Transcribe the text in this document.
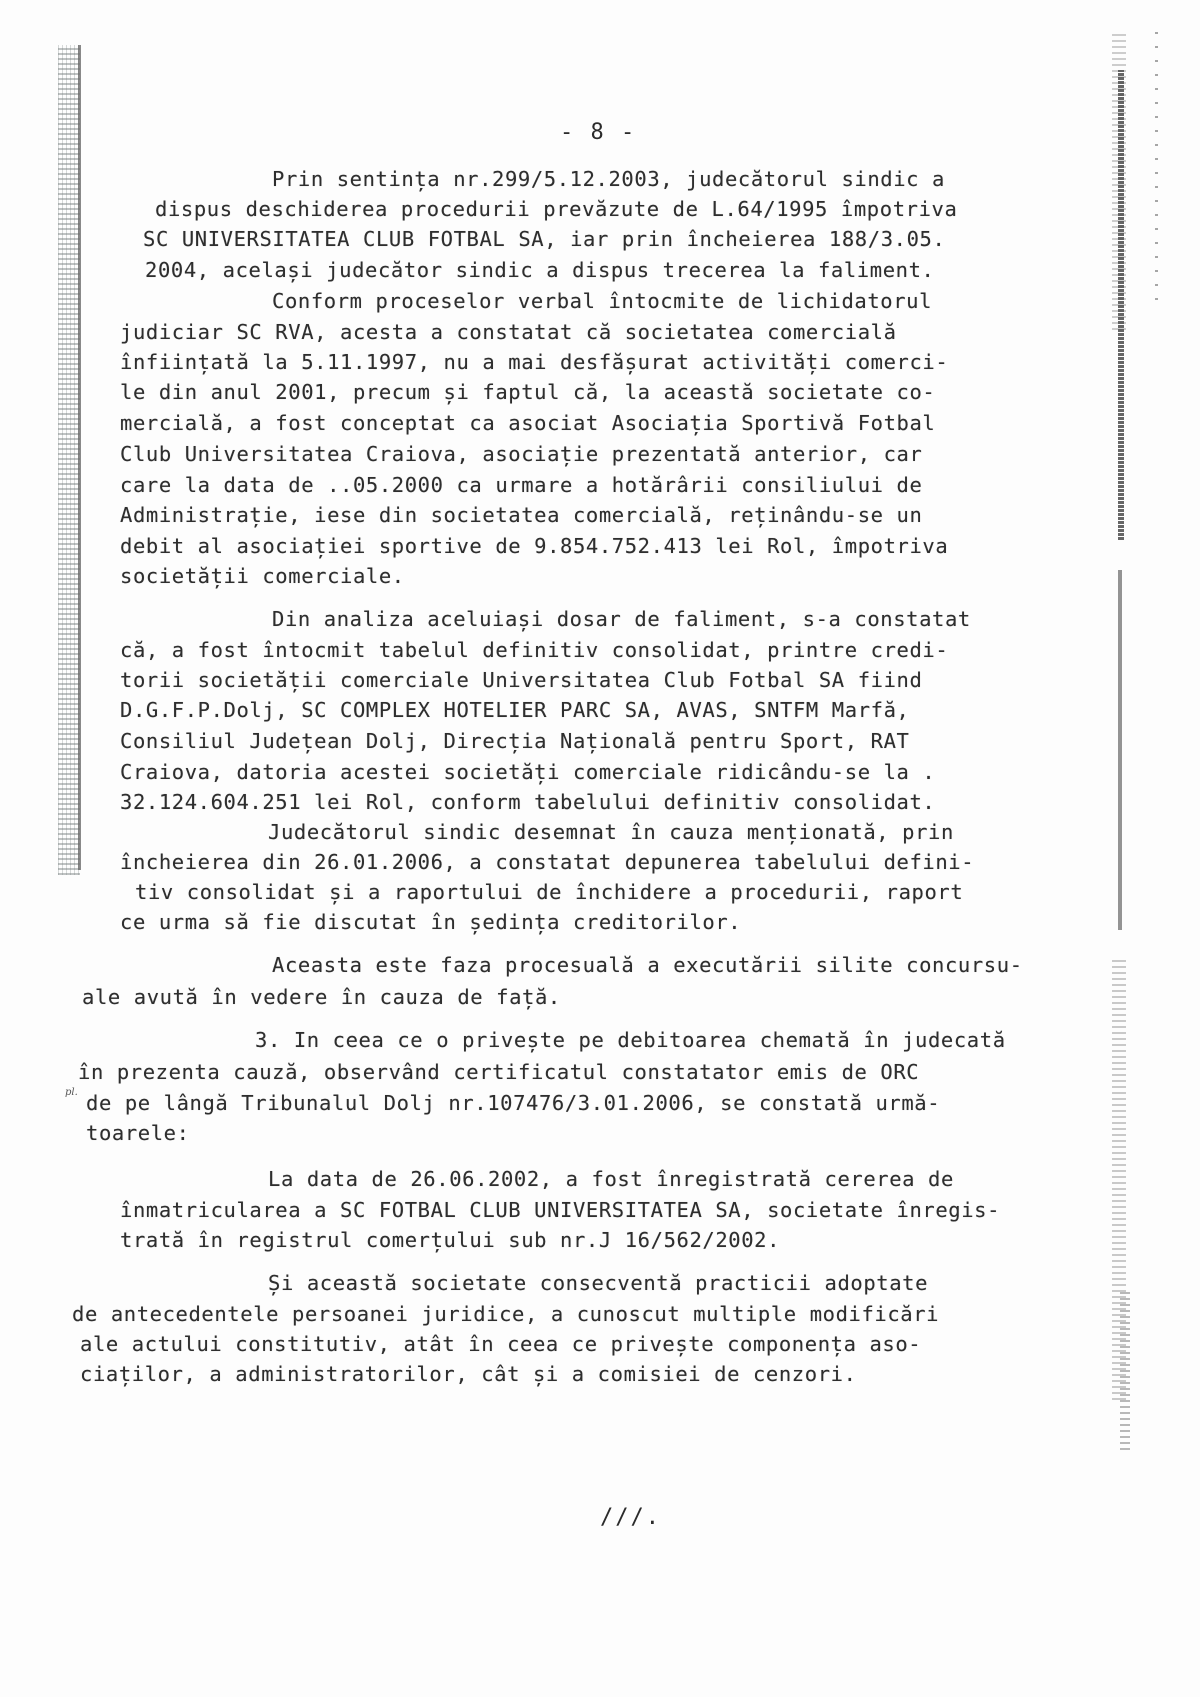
- 8 -
pl.
///.
Prin sentința nr.299/5.12.2003, judecătorul sindic a
dispus deschiderea procedurii prevăzute de L.64/1995 împotriva
SC UNIVERSITATEA CLUB FOTBAL SA, iar prin încheierea 188/3.05.
2004, același judecător sindic a dispus trecerea la faliment.
Conform proceselor verbal întocmite de lichidatorul
judiciar SC RVA, acesta a constatat că societatea comercială
înființată la 5.11.1997, nu a mai desfășurat activități comerci-
le din anul 2001, precum și faptul că, la această societate co-
mercială, a fost conceptat ca asociat Asociația Sportivă Fotbal
Club Universitatea Craiova, asociație prezentată anterior, car
care la data de ..05.2000 ca urmare a hotărârii consiliului de
Administrație, iese din societatea comercială, reținându-se un
debit al asociației sportive de 9.854.752.413 lei Rol, împotriva
societății comerciale.
Din analiza aceluiași dosar de faliment, s-a constatat
că, a fost întocmit tabelul definitiv consolidat, printre credi-
torii societății comerciale Universitatea Club Fotbal SA fiind
D.G.F.P.Dolj, SC COMPLEX HOTELIER PARC SA, AVAS, SNTFM Marfă,
Consiliul Județean Dolj, Direcția Națională pentru Sport, RAT
Craiova, datoria acestei societăți comerciale ridicându-se la .
32.124.604.251 lei Rol, conform tabelului definitiv consolidat.
Judecătorul sindic desemnat în cauza menționată, prin
încheierea din 26.01.2006, a constatat depunerea tabelului defini-
tiv consolidat și a raportului de închidere a procedurii, raport
ce urma să fie discutat în ședința creditorilor.
Aceasta este faza procesuală a executării silite concursu-
ale avută în vedere în cauza de față.
3. In ceea ce o privește pe debitoarea chemată în judecată
în prezenta cauză, observând certificatul constatator emis de ORC
de pe lângă Tribunalul Dolj nr.107476/3.01.2006, se constată urmă-
toarele:
La data de 26.06.2002, a fost înregistrată cererea de
înmatricularea a SC FOTBAL CLUB UNIVERSITATEA SA, societate înregis-
trată în registrul comerțului sub nr.J 16/562/2002.
Și această societate consecventă practicii adoptate
de antecedentele persoanei juridice, a cunoscut multiple modificări
ale actului constitutiv, atât în ceea ce privește componența aso-
ciaților, a administratorilor, cât și a comisiei de cenzori.
